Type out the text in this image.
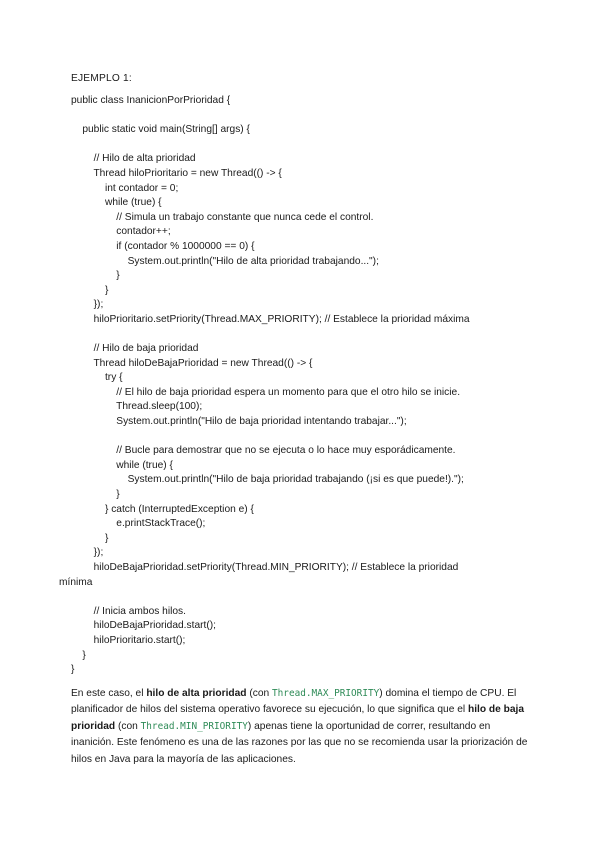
EJEMPLO 1:
public class InanicionPorPrioridad {
public static void main(String[] args) {
// Hilo de alta prioridad
Thread hiloPrioritario = new Thread(() -> {
int contador = 0;
while (true) {
// Simula un trabajo constante que nunca cede el control.
contador++;
if (contador % 1000000 == 0) {
System.out.println("Hilo de alta prioridad trabajando...");
}
}
});
hiloPrioritario.setPriority(Thread.MAX_PRIORITY); // Establece la prioridad máxima
// Hilo de baja prioridad
Thread hiloDeBajaPrioridad = new Thread(() -> {
try {
// El hilo de baja prioridad espera un momento para que el otro hilo se inicie.
Thread.sleep(100);
System.out.println("Hilo de baja prioridad intentando trabajar...");
// Bucle para demostrar que no se ejecuta o lo hace muy esporádicamente.
while (true) {
System.out.println("Hilo de baja prioridad trabajando (¡si es que puede!).");
}
} catch (InterruptedException e) {
e.printStackTrace();
}
});
hiloDeBajaPrioridad.setPriority(Thread.MIN_PRIORITY); // Establece la prioridad
mínima
// Inicia ambos hilos.
hiloDeBajaPrioridad.start();
hiloPrioritario.start();
}
}
En este caso, el hilo de alta prioridad (con Thread.MAX_PRIORITY) domina el tiempo de CPU. El planificador de hilos del sistema operativo favorece su ejecución, lo que significa que el hilo de baja prioridad (con Thread.MIN_PRIORITY) apenas tiene la oportunidad de correr, resultando en inanición. Este fenómeno es una de las razones por las que no se recomienda usar la priorización de hilos en Java para la mayoría de las aplicaciones.
